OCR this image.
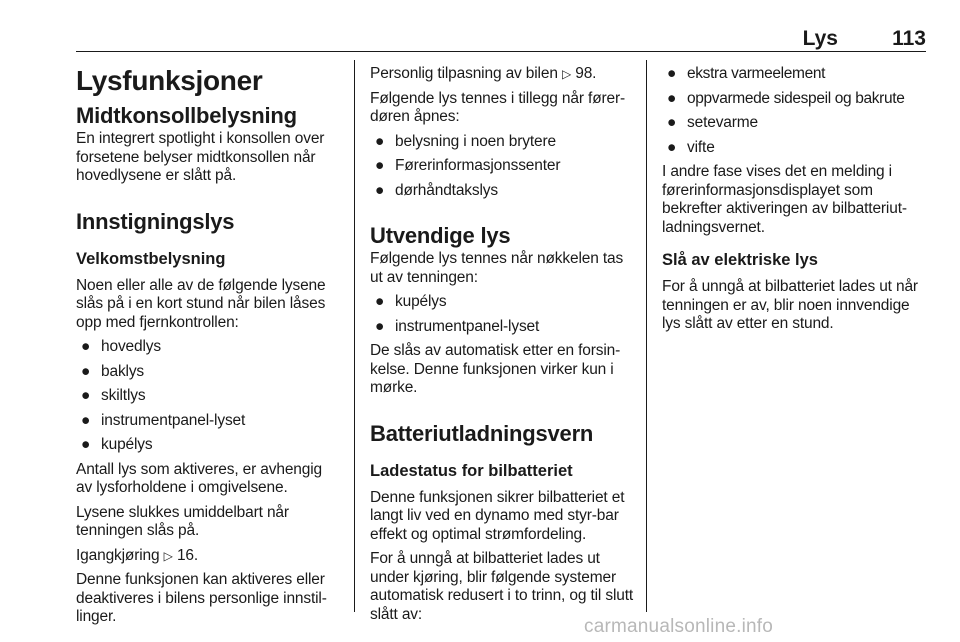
Lys	113
Lysfunksjoner
Midtkonsollbelysning

En integrert spotlight i konsollen over forsetene belyser midtkonsollen når hovedlysene er slått på.

Innstigningslys
Velkomstbelysning

Noen eller alle av de følgende lysene slås på i en kort stund når bilen låses opp med fjernkontrollen:

● hovedlys
● baklys
● skiltlys
● instrumentpanel-lyset
● kupélys

Antall lys som aktiveres, er avhengig av lysforholdene i omgivelsene.

Lysene slukkes umiddelbart når tenningen slås på.

Igangkjøring ▷ 16.

Denne funksjonen kan aktiveres eller deaktiveres i bilens personlige innstil-linger.

Personlig tilpasning av bilen ▷ 98.

Følgende lys tennes i tillegg når fører-døren åpnes:

● belysning i noen brytere
● Førerinformasjonssenter
● dørhåndtakslys
Utvendige lys

Følgende lys tennes når nøkkelen tas ut av tenningen:

● kupélys
● instrumentpanel-lyset

De slås av automatisk etter en forsin-kelse. Denne funksjonen virker kun i mørke.

Batteriutladningsvern
Ladestatus for bilbatteriet

Denne funksjonen sikrer bilbatteriet et langt liv ved en dynamo med styr-bar effekt og optimal strømfordeling.

For å unngå at bilbatteriet lades ut under kjøring, blir følgende systemer automatisk redusert i to trinn, og til slutt slått av:

● ekstra varmeelement
● oppvarmede sidespeil og bakrute
● setevarme
● vifte

I andre fase vises det en melding i førerinformasjonsdisplayet som bekrefter aktiveringen av bilbatteriut-ladningsvernet.

Slå av elektriske lys

For å unngå at bilbatteriet lades ut når tenningen er av, blir noen innvendige lys slått av etter en stund.

carmanualsonline.info
